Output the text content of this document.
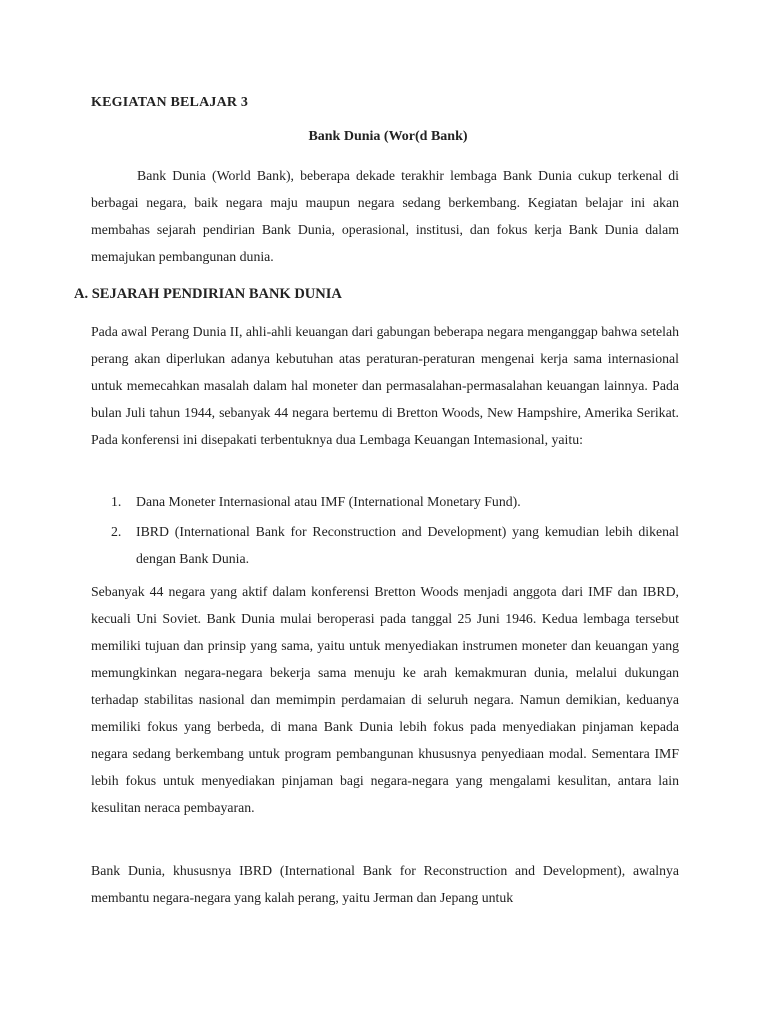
KEGIATAN BELAJAR 3
Bank Dunia (Wor(d Bank)

Bank Dunia (World Bank), beberapa dekade terakhir lembaga Bank Dunia cukup terkenal di berbagai negara, baik negara maju maupun negara sedang berkembang. Kegiatan belajar ini akan membahas sejarah pendirian Bank Dunia, operasional, institusi, dan fokus kerja Bank Dunia dalam memajukan pembangunan dunia.

A. SEJARAH PENDIRIAN BANK DUNIA

Pada awal Perang Dunia II, ahli-ahli keuangan dari gabungan beberapa negara menganggap bahwa setelah perang akan diperlukan adanya kebutuhan atas peraturan-peraturan mengenai kerja sama internasional untuk memecahkan masalah dalam hal moneter dan permasalahan-permasalahan keuangan lainnya. Pada bulan Juli tahun 1944, sebanyak 44 negara bertemu di Bretton Woods, New Hampshire, Amerika Serikat. Pada konferensi ini disepakati terbentuknya dua Lembaga Keuangan Intemasional, yaitu:

1. Dana Moneter Internasional atau IMF (International Monetary Fund).
2. IBRD (International Bank for Reconstruction and Development) yang kemudian lebih dikenal dengan Bank Dunia.

Sebanyak 44 negara yang aktif dalam konferensi Bretton Woods menjadi anggota dari IMF dan IBRD, kecuali Uni Soviet. Bank Dunia mulai beroperasi pada tanggal 25 Juni 1946. Kedua lembaga tersebut memiliki tujuan dan prinsip yang sama, yaitu untuk menyediakan instrumen moneter dan keuangan yang memungkinkan negara-negara bekerja sama menuju ke arah kemakmuran dunia, melalui dukungan terhadap stabilitas nasional dan memimpin perdamaian di seluruh negara. Namun demikian, keduanya memiliki fokus yang berbeda, di mana Bank Dunia lebih fokus pada menyediakan pinjaman kepada negara sedang berkembang untuk program pembangunan khususnya penyediaan modal. Sementara IMF lebih fokus untuk menyediakan pinjaman bagi negara-negara yang mengalami kesulitan, antara lain kesulitan neraca pembayaran.

Bank Dunia, khususnya IBRD (International Bank for Reconstruction and Development), awalnya membantu negara-negara yang kalah perang, yaitu Jerman dan Jepang untuk
